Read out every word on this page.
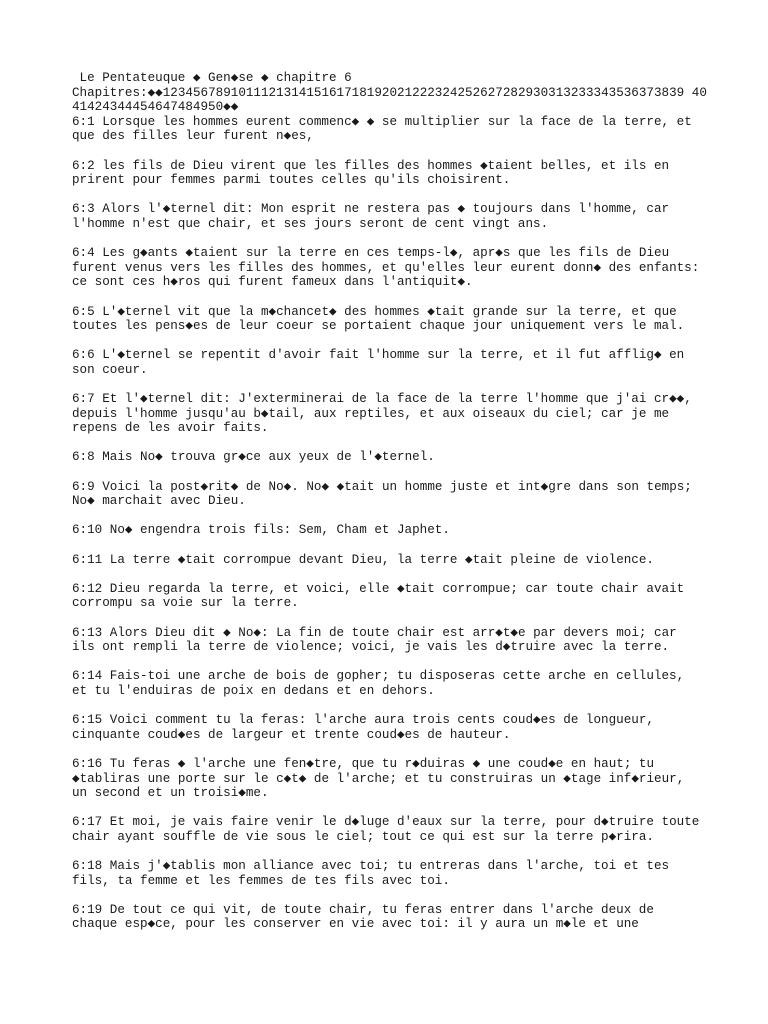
Le Pentateuque ◆ Gen◆se ◆ chapitre 6
Chapitres:◆◆123456789101112131415161718192021222324252627282930313233343536373839 40
41424344454647484950◆◆
6:1 Lorsque les hommes eurent commenc◆ ◆ se multiplier sur la face de la terre, et
que des filles leur furent n◆es,
6:2 les fils de Dieu virent que les filles des hommes ◆taient belles, et ils en
prirent pour femmes parmi toutes celles qu'ils choisirent.
6:3 Alors l'◆ternel dit: Mon esprit ne restera pas ◆ toujours dans l'homme, car
l'homme n'est que chair, et ses jours seront de cent vingt ans.
6:4 Les g◆ants ◆taient sur la terre en ces temps-l◆, apr◆s que les fils de Dieu
furent venus vers les filles des hommes, et qu'elles leur eurent donn◆ des enfants:
ce sont ces h◆ros qui furent fameux dans l'antiquit◆.
6:5 L'◆ternel vit que la m◆chancet◆ des hommes ◆tait grande sur la terre, et que
toutes les pens◆es de leur coeur se portaient chaque jour uniquement vers le mal.
6:6 L'◆ternel se repentit d'avoir fait l'homme sur la terre, et il fut afflig◆ en
son coeur.
6:7 Et l'◆ternel dit: J'exterminerai de la face de la terre l'homme que j'ai cr◆◆,
depuis l'homme jusqu'au b◆tail, aux reptiles, et aux oiseaux du ciel; car je me
repens de les avoir faits.
6:8 Mais No◆ trouva gr◆ce aux yeux de l'◆ternel.
6:9 Voici la post◆rit◆ de No◆. No◆ ◆tait un homme juste et int◆gre dans son temps;
No◆ marchait avec Dieu.
6:10 No◆ engendra trois fils: Sem, Cham et Japhet.
6:11 La terre ◆tait corrompue devant Dieu, la terre ◆tait pleine de violence.
6:12 Dieu regarda la terre, et voici, elle ◆tait corrompue; car toute chair avait
corrompu sa voie sur la terre.
6:13 Alors Dieu dit ◆ No◆: La fin de toute chair est arr◆t◆e par devers moi; car
ils ont rempli la terre de violence; voici, je vais les d◆truire avec la terre.
6:14 Fais-toi une arche de bois de gopher; tu disposeras cette arche en cellules,
et tu l'enduiras de poix en dedans et en dehors.
6:15 Voici comment tu la feras: l'arche aura trois cents coud◆es de longueur,
cinquante coud◆es de largeur et trente coud◆es de hauteur.
6:16 Tu feras ◆ l'arche une fen◆tre, que tu r◆duiras ◆ une coud◆e en haut; tu
◆tabliras une porte sur le c◆t◆ de l'arche; et tu construiras un ◆tage inf◆rieur,
un second et un troisi◆me.
6:17 Et moi, je vais faire venir le d◆luge d'eaux sur la terre, pour d◆truire toute
chair ayant souffle de vie sous le ciel; tout ce qui est sur la terre p◆rira.
6:18 Mais j'◆tablis mon alliance avec toi; tu entreras dans l'arche, toi et tes
fils, ta femme et les femmes de tes fils avec toi.
6:19 De tout ce qui vit, de toute chair, tu feras entrer dans l'arche deux de
chaque esp◆ce, pour les conserver en vie avec toi: il y aura un m◆le et une
